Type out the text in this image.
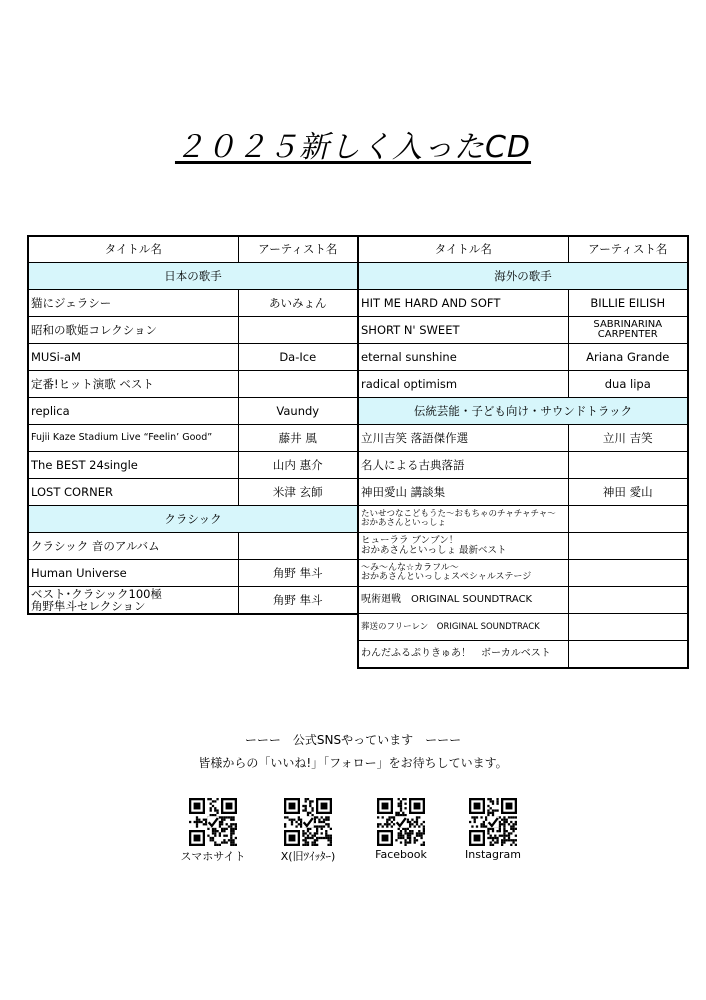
２０２５新しく入ったCD
タイトル名	アーティスト名
日本の歌手	
猫にジェラシー	あいみょん
昭和の歌姫コレクション	
MUSi-aM	Da-Ice
定番!ヒット演歌 ベスト	
replica	Vaundy
Fujii Kaze Stadium Live “Feelin’ Good”	藤井 風
The BEST 24single	山内 惠介
LOST CORNER	米津 玄師
クラシック	
クラシック 音のアルバム	
Human Universe	角野 隼斗

ベスト･クラシック100極
角野隼斗セレクション	角野 隼斗
タイトル名	アーティスト名
海外の歌手	
HIT ME HARD AND SOFT	BILLIE EILISH
SHORT N' SWEET	SABRINARINA
CARPENTER

eternal sunshine	Ariana Grande
radical optimism	dua lipa
伝統芸能・子ども向け・サウンドトラック	
立川吉笑 落語傑作選	立川 吉笑
名人による古典落語	
神田愛山 講談集	神田 愛山

たいせつなこどもうた～おもちゃのチャチャチャ～
おかあさんといっしょ	

ヒューララ ブンブン！
おかあさんといっしょ 最新ベスト	

～み～んな☆カラフル～
おかあさんといっしょスペシャルステージ	

呪術廻戦　ORIGINAL SOUNDTRACK	
葬送のフリーレン　ORIGINAL SOUNDTRACK	
わんだふるぷりきゅあ！　ボーカルベスト	
ーーー　公式SNSやっています　ーーー
皆様からの「いいね!」「フォロー」をお待ちしています。
スマホサイト	X(旧ﾂｲｯﾀｰ)	Facebook	Instagram
